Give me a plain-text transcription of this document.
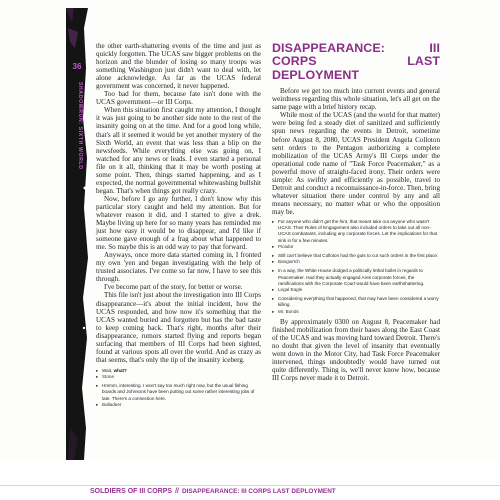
36
SHADOWRUN: SIXTH WORLD

the other earth-shattering events of the time and just as quickly forgotten. The UCAS saw bigger problems on the horizon and the blunder of losing so many troops was something Washington just didn't want to deal with, let alone acknowledge. As far as the UCAS federal government was concerned, it never happened.

Too bad for them, because fate isn't done with the UCAS government—or III Corps.

When this situation first caught my attention, I thought it was just going to be another side note to the rest of the insanity going on at the time. And for a good long while, that's all it seemed it would be yet another mystery of the Sixth World, an event that was less than a blip on the newsfeeds. While everything else was going on, I watched for any news or leads. I even started a personal file on it all, thinking that it may be worth posting at some point. Then, things started happening, and as I expected, the normal governmental whitewashing bullshit began. That's when things got really crazy.

Now, before I go any further, I don't know why this particular story caught and held my attention. But for whatever reason it did, and I started to give a drek. Maybe living up here for so many years has reminded me just how easy it would be to disappear, and I'd like if someone gave enough of a frag about what happened to me. So maybe this is an odd way to pay that forward.

Anyways, once more data started coming in, I fronted my own 'yen and began investigating with the help of trusted associates. I've come so far now, I have to see this through.

I've become part of the story, for better or worse.

This file isn't just about the investigation into III Corps disappearance—it's about the initial incident, how the UCAS responded, and how now it's something that the UCAS wanted buried and forgotten but has the bad taste to keep coming back. That's right, months after their disappearance, rumors started flying and reports began surfacing that members of III Corps had been sighted, found at various spots all over the world. And as crazy as that seems, that's only the tip of the insanity iceberg.

▸ Wait, what?
▸ Stone
▸ Hmmm, interesting. I won't say too much right now, but the usual fishing boards and Johnsons have been putting out some rather interesting jobs of late. There's a connection here.
▸ Balladeer
DISAPPEARANCE: III CORPS LAST DEPLOYMENT

Before we get too much into current events and general weirdness regarding this whole situation, let's all get on the same page with a brief history recap.

While most of the UCAS (and the world for that matter) were being fed a steady diet of sanitized and sufficiently spun news regarding the events in Detroit, sometime before August 8, 2080, UCAS President Angela Colloton sent orders to the Pentagon authorizing a complete mobilization of the UCAS Army's III Corps under the operational code name of "Task Force Peacemaker," as a powerful move of straight-faced irony. Their orders were simple: As swiftly and efficiently as possible, travel to Detroit and conduct a reconnaissance-in-force. Then, bring whatever situation there under control by any and all means necessary, no matter what or who the opposition may be.

▸ For anyone who didn't get the hint, that meant take out anyone who wasn't UCAS. Their Rules of Engagement also included orders to take out all non-UCAS combatants, including any corporate forces. Let the implications for that sink in for a few minutes.
▸ Picador
▸ Still can't believe that Colloton had the guts to cut such orders in the first place.
▸ Bangwrtch
▸ In a way, the White House dodged a politically lethal bullet in regards to Peacemaker. Had they actually engaged Ares corporate forces, the ramifications with the Corporate Court would have been earthshattering.
▸ Legal Eagle
▸ Considering everything that happened, that may have been considered a worry killing.
▸ Mr. Bonds

By approximately 0300 on August 8, Peacemaker had finished mobilization from their bases along the East Coast of the UCAS and was moving hard toward Detroit. There's no doubt that given the level of insanity that eventually went down in the Motor City, had Task Force Peacemaker intervened, things undoubtedly would have turned out quite differently. Thing is, we'll never know how, because III Corps never made it to Detroit.

SOLDIERS OF III CORPS // DISAPPEARANCE: III CORPS LAST DEPLOYMENT
